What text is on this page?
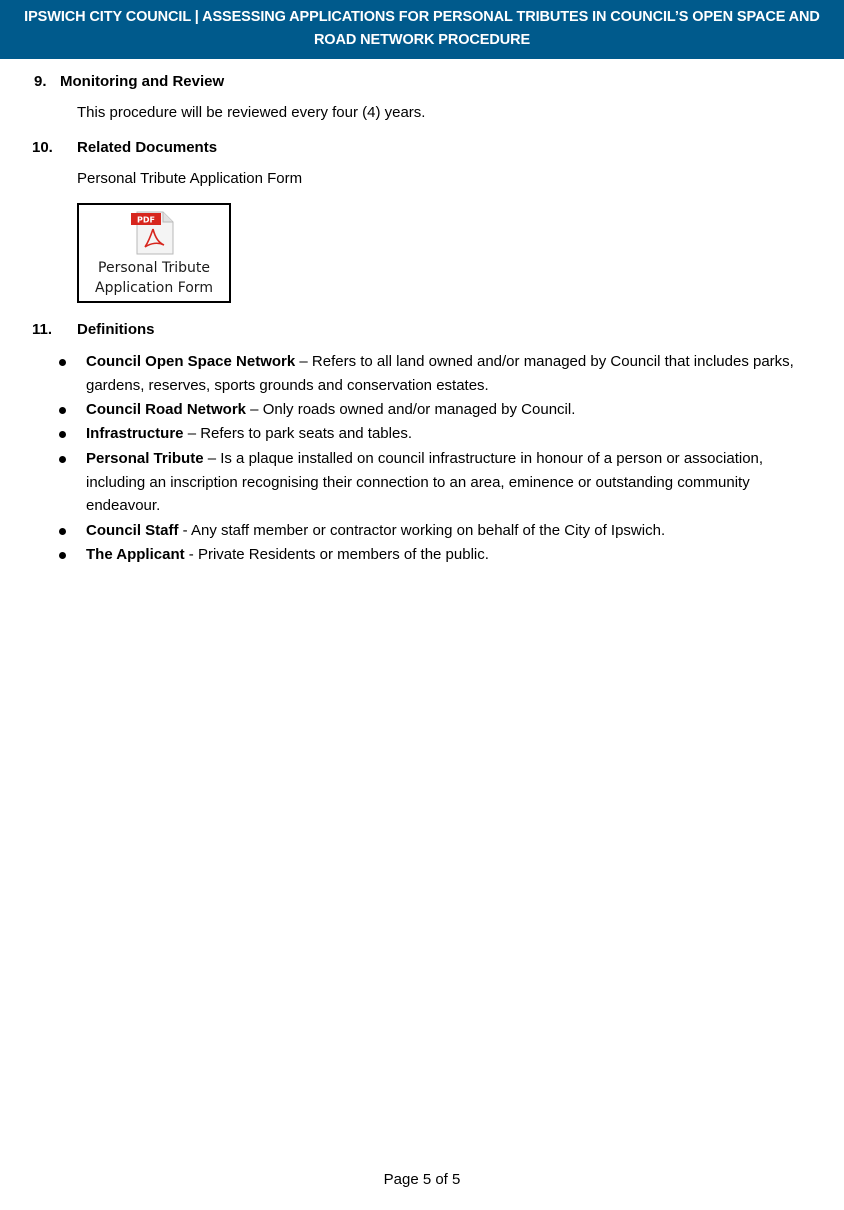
IPSWICH CITY COUNCIL | ASSESSING APPLICATIONS FOR PERSONAL TRIBUTES IN COUNCIL’S OPEN SPACE AND
ROAD NETWORK PROCEDURE
9. Monitoring and Review
This procedure will be reviewed every four (4) years.
10. Related Documents
Personal Tribute Application Form
PDF
Personal Tribute
Application Form
11. Definitions
Council Open Space Network – Refers to all land owned and/or managed by Council that includes parks, gardens, reserves, sports grounds and conservation estates.
Council Road Network – Only roads owned and/or managed by Council.
Infrastructure – Refers to park seats and tables.
Personal Tribute – Is a plaque installed on council infrastructure in honour of a person or association, including an inscription recognising their connection to an area, eminence or outstanding community endeavour.
Council Staff - Any staff member or contractor working on behalf of the City of Ipswich.
The Applicant - Private Residents or members of the public.
Page 5 of 5
